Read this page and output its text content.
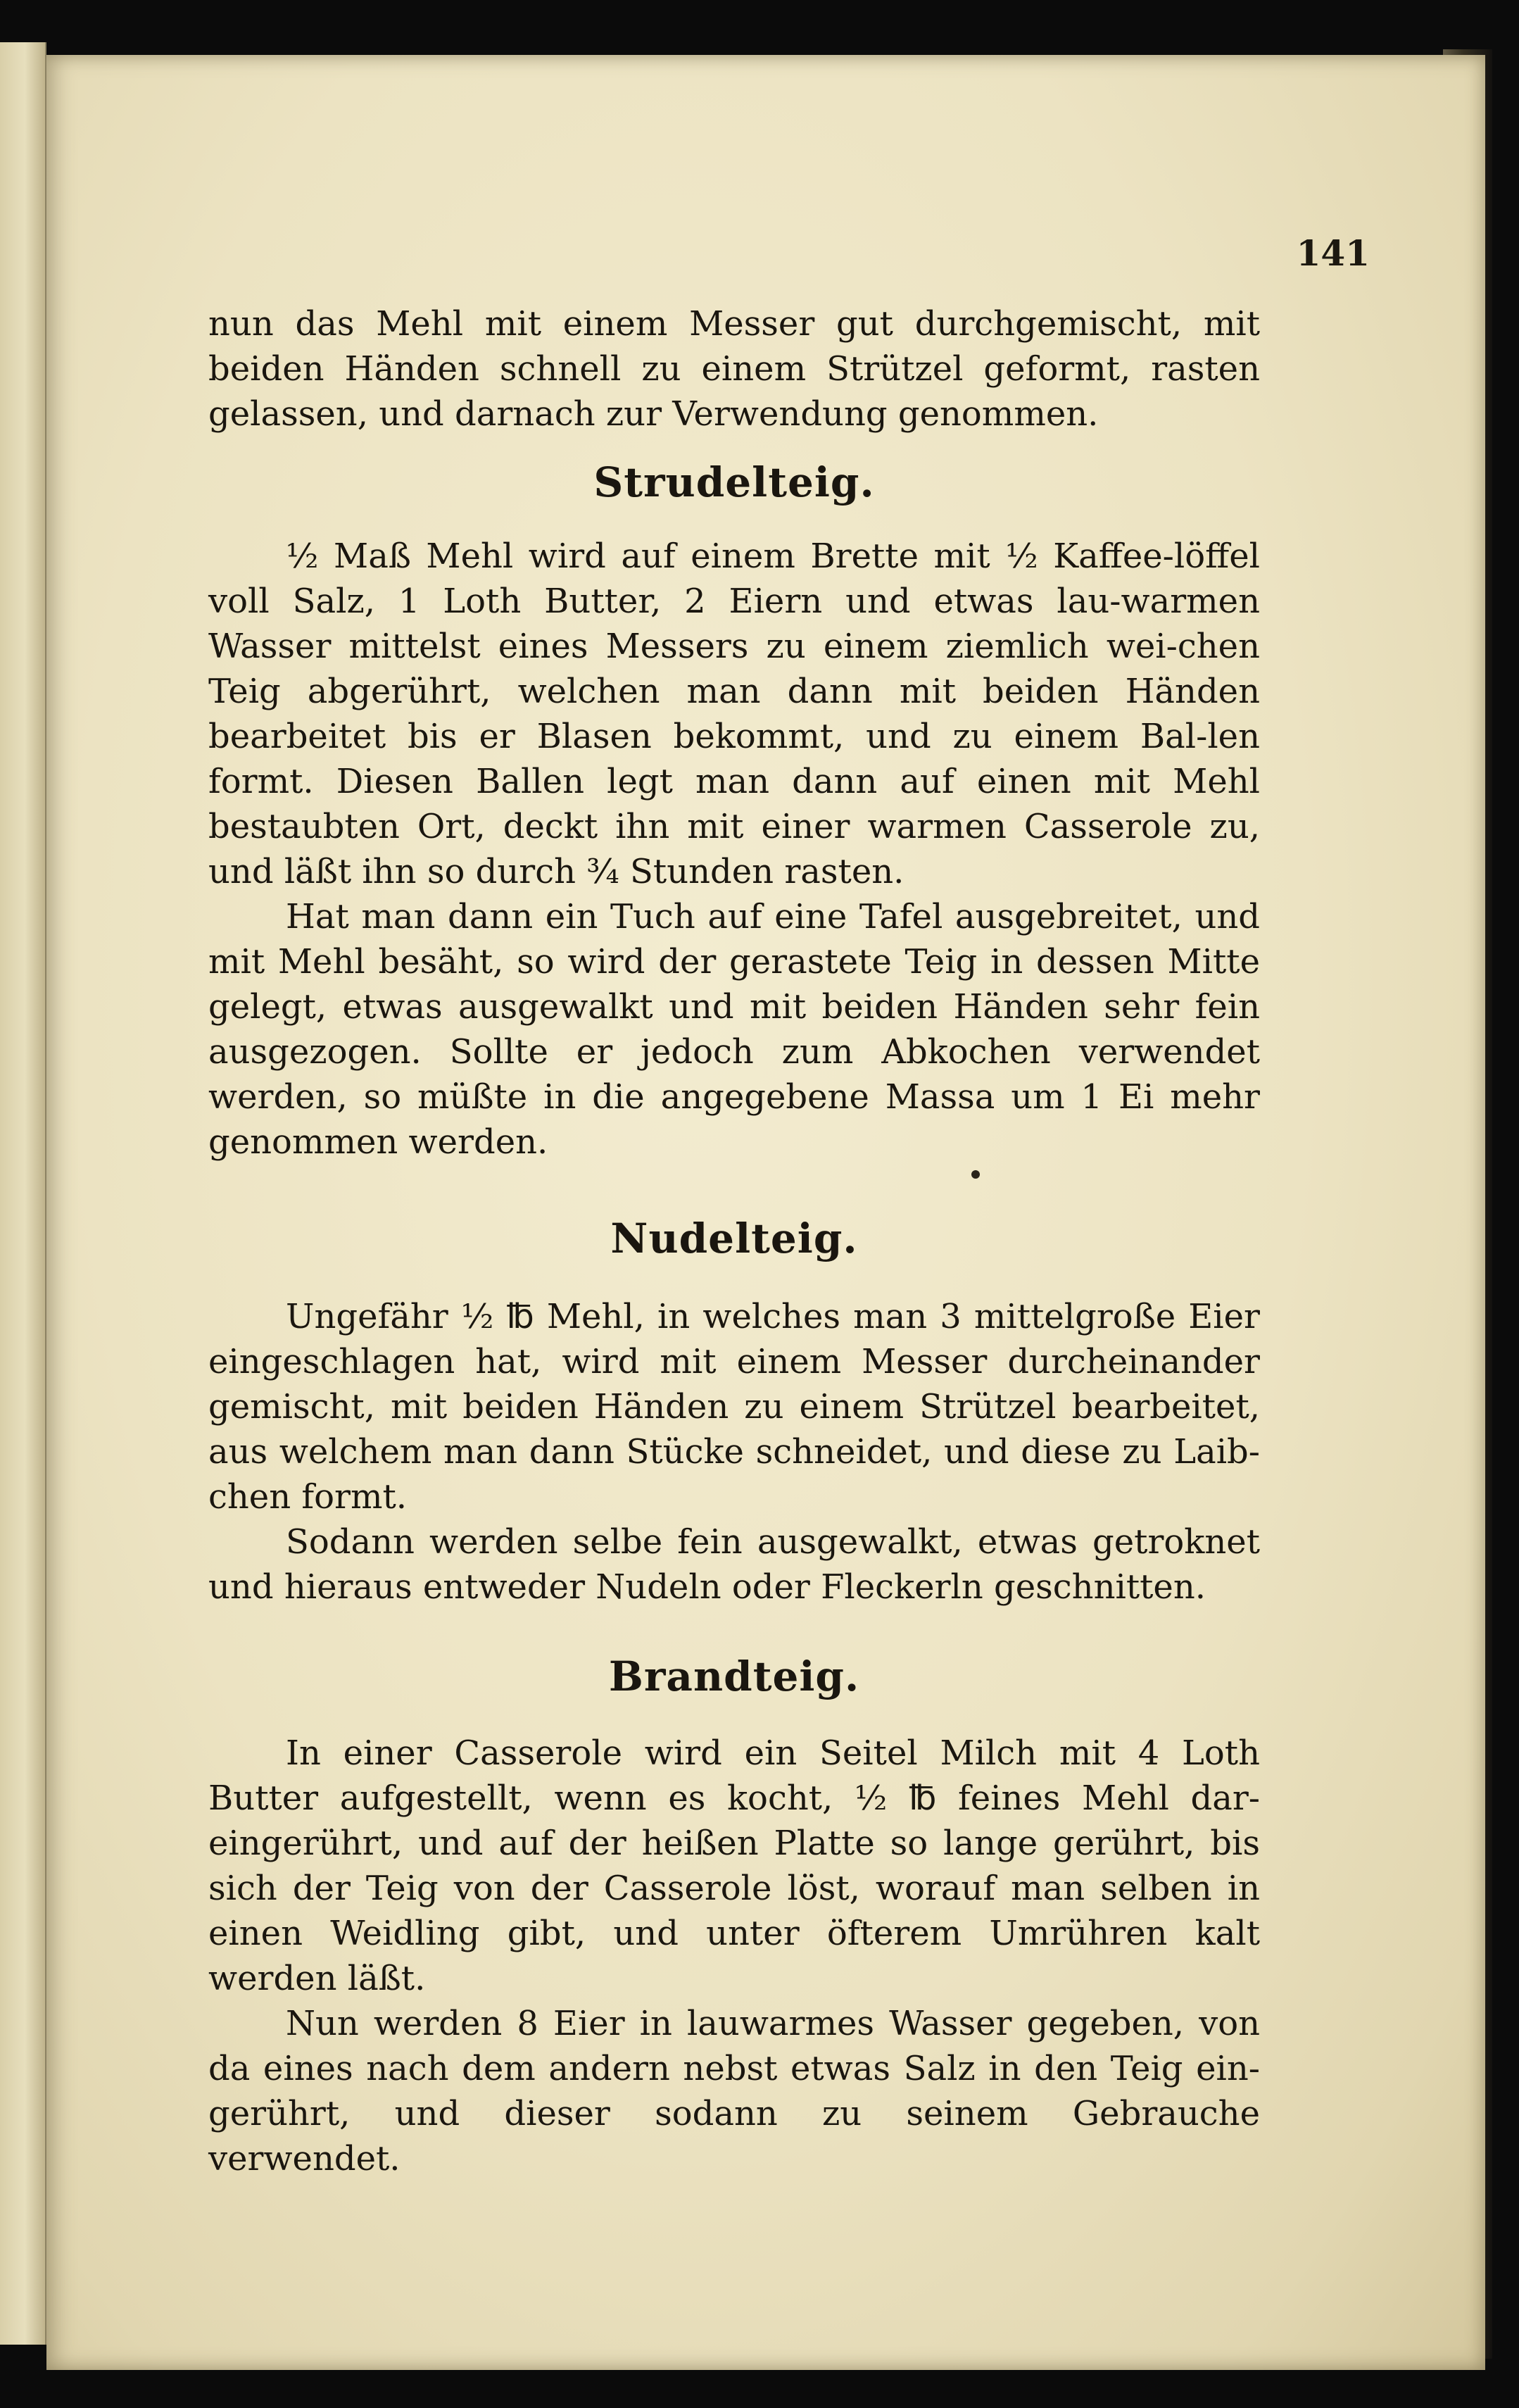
141

nun das Mehl mit einem Messer gut durchgemischt, mit beiden Händen schnell zu einem Strützel geformt, rasten gelassen, und darnach zur Verwendung genommen.

Strudelteig.

½ Maß Mehl wird auf einem Brette mit ½ Kaffee-löffel voll Salz, 1 Loth Butter, 2 Eiern und etwas lau-warmen Wasser mittelst eines Messers zu einem ziemlich wei-chen Teig abgerührt, welchen man dann mit beiden Händen bearbeitet bis er Blasen bekommt, und zu einem Bal-len formt. Diesen Ballen legt man dann auf einen mit Mehl bestaubten Ort, deckt ihn mit einer warmen Casserole zu, und läßt ihn so durch ¾ Stunden rasten.

Hat man dann ein Tuch auf eine Tafel ausgebreitet, und mit Mehl besäht, so wird der gerastete Teig in dessen Mitte gelegt, etwas ausgewalkt und mit beiden Händen sehr fein ausgezogen. Sollte er jedoch zum Abkochen verwendet werden, so müßte in die angegebene Massa um 1 Ei mehr genommen werden.

Nudelteig.

Ungefähr ½ ℔ Mehl, in welches man 3 mittelgroße Eier eingeschlagen hat, wird mit einem Messer durcheinander gemischt, mit beiden Händen zu einem Strützel bearbeitet, aus welchem man dann Stücke schneidet, und diese zu Laib-chen formt.

Sodann werden selbe fein ausgewalkt, etwas getroknet und hieraus entweder Nudeln oder Fleckerln geschnitten.

Brandteig.

In einer Casserole wird ein Seitel Milch mit 4 Loth Butter aufgestellt, wenn es kocht, ½ ℔ feines Mehl dar-eingerührt, und auf der heißen Platte so lange gerührt, bis sich der Teig von der Casserole löst, worauf man selben in einen Weidling gibt, und unter öfterem Umrühren kalt werden läßt.

Nun werden 8 Eier in lauwarmes Wasser gegeben, von da eines nach dem andern nebst etwas Salz in den Teig ein-gerührt, und dieser sodann zu seinem Gebrauche verwendet.
